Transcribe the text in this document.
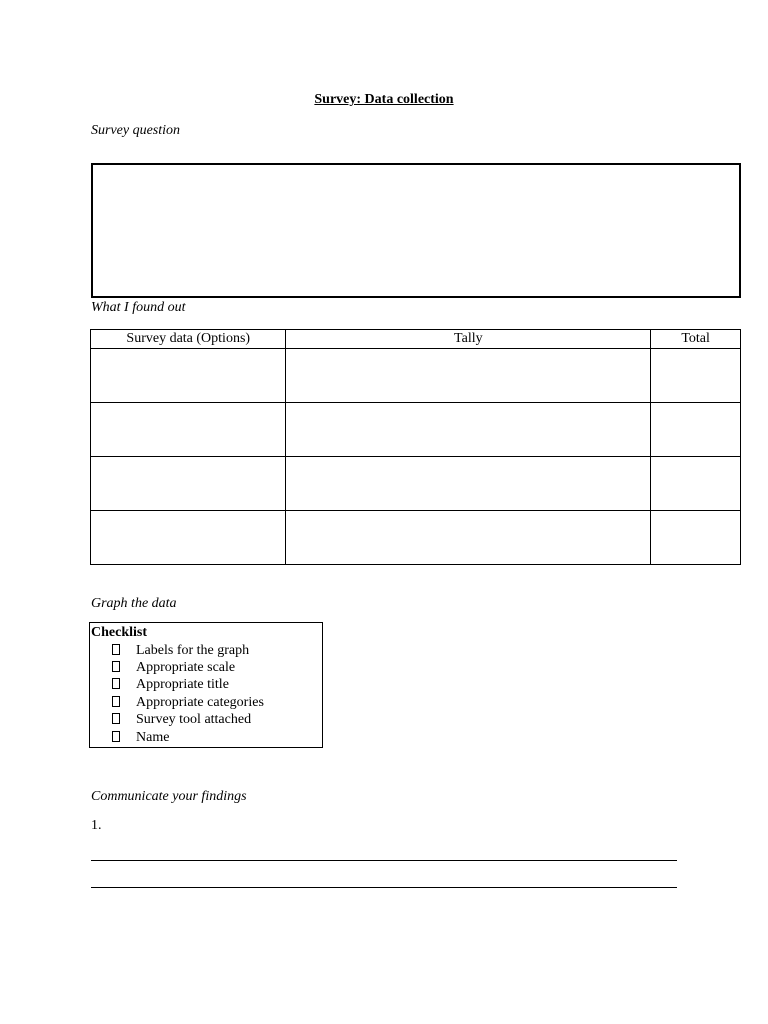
Survey: Data collection
Survey question
What I found out
Survey data (Options)	Tally	Total

Graph the data
Checklist
Labels for the graph
Appropriate scale
Appropriate title
Appropriate categories
Survey tool attached
Name
Communicate your findings
1.
